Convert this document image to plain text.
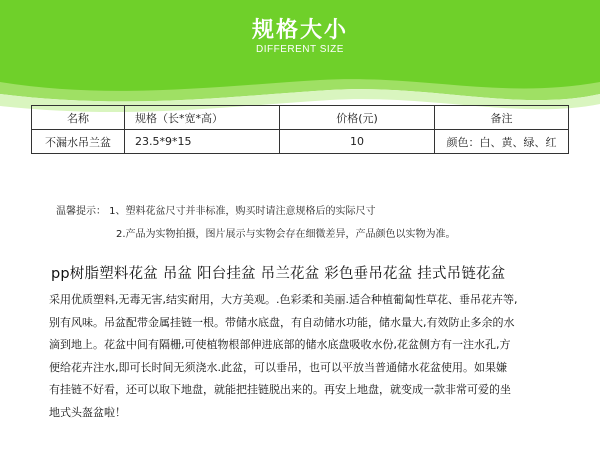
规格大小
DIFFERENT SIZE
名称	规格（长*宽*高）	价格(元)	备注
不漏水吊兰盆	23.5*9*15	10	颜色：白、黄、绿、红
温馨提示： 1、塑料花盆尺寸并非标准，购买时请注意规格后的实际尺寸
2.产品为实物拍摄，图片展示与实物会存在细微差异，产品颜色以实物为准。
pp树脂塑料花盆 吊盆 阳台挂盆 吊兰花盆 彩色垂吊花盆 挂式吊链花盆
采用优质塑料,无毒无害,结实耐用，大方美观。.色彩柔和美丽.适合种植葡匐性草花、垂吊花卉等,
别有风味。吊盆配带金属挂链一根。带储水底盘，有自动储水功能，储水量大,有效防止多余的水
滴到地上。花盆中间有隔栅,可使植物根部伸进底部的储水底盘吸收水份,花盆侧方有一注水孔,方
便给花卉注水,即可长时间无须浇水.此盆，可以垂吊，也可以平放当普通储水花盆使用。如果嫌
有挂链不好看，还可以取下地盘，就能把挂链脱出来的。再安上地盘，就变成一款非常可爱的坐
地式头盔盆啦！
